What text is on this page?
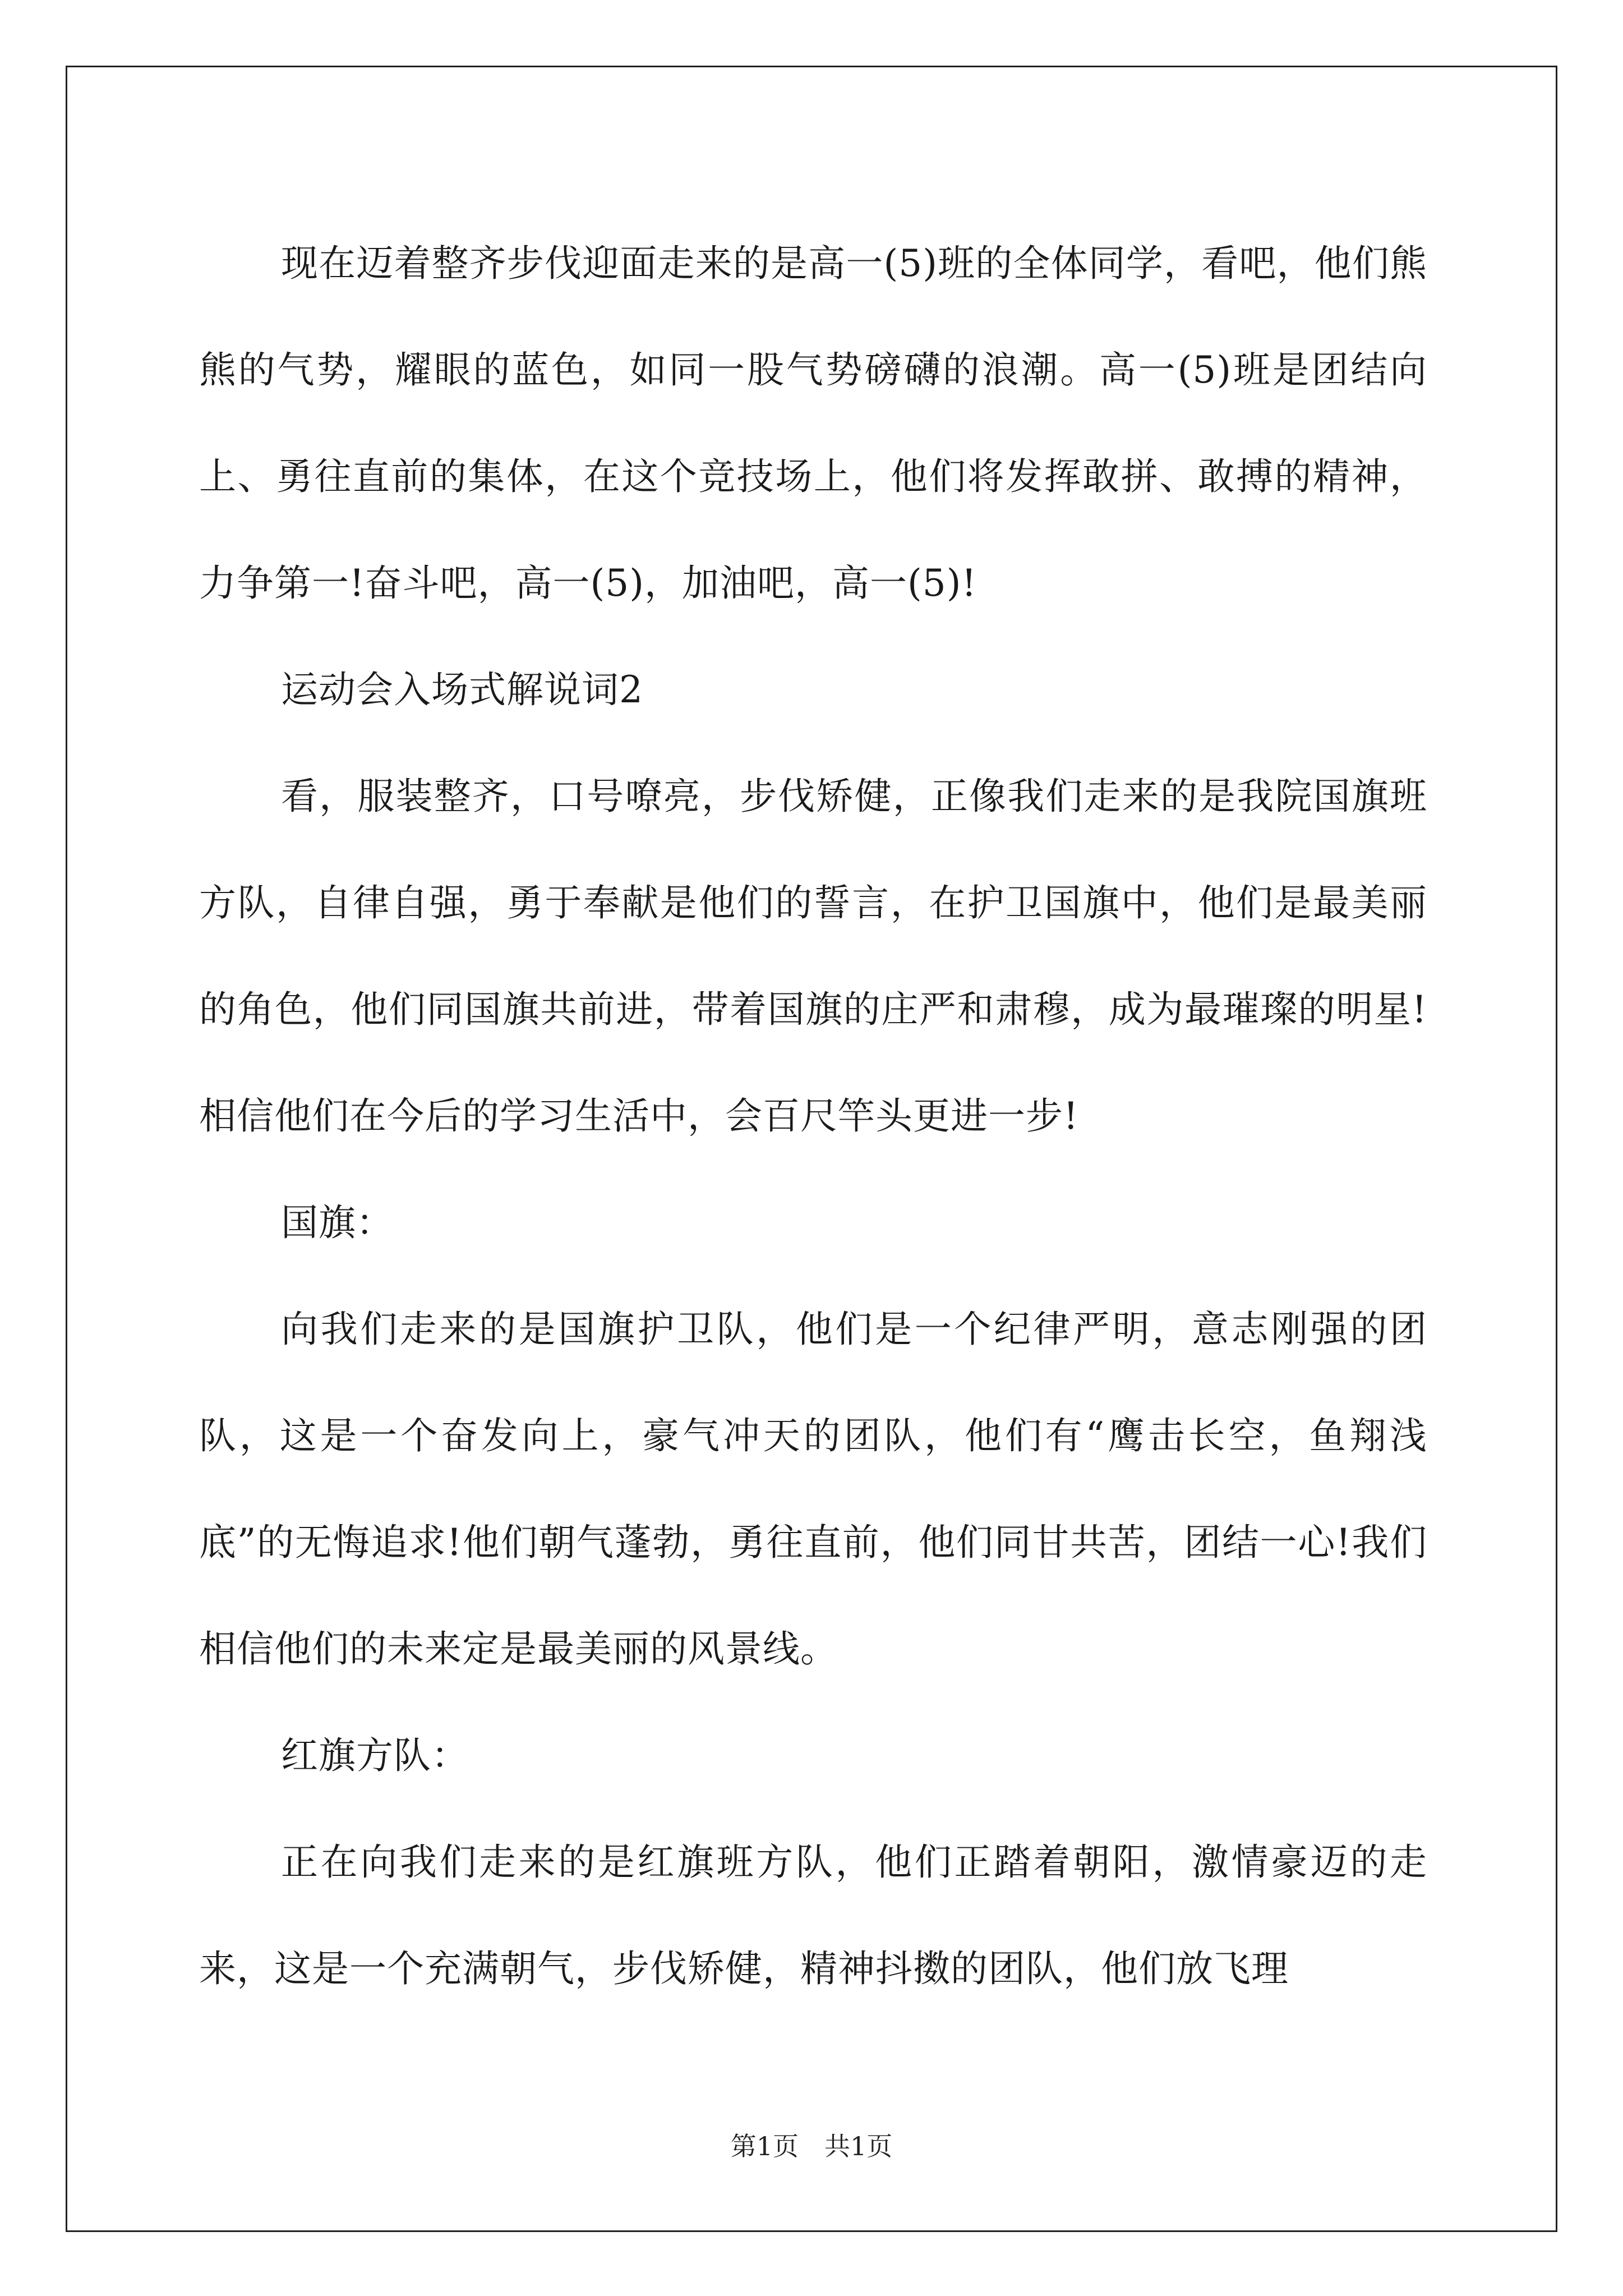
现在迈着整齐步伐迎面走来的是高一(5)班的全体同学，看吧，他们熊熊的气势，耀眼的蓝色，如同一股气势磅礴的浪潮。高一(5)班是团结向上、勇往直前的集体，在这个竞技场上，他们将发挥敢拼、敢搏的精神，力争第一!奋斗吧，高一(5)，加油吧，高一(5)!

运动会入场式解说词2

看，服装整齐，口号嘹亮，步伐矫健，正像我们走来的是我院国旗班方队，自律自强，勇于奉献是他们的誓言，在护卫国旗中，他们是最美丽的角色，他们同国旗共前进，带着国旗的庄严和肃穆，成为最璀璨的明星!相信他们在今后的学习生活中，会百尺竿头更进一步!

国旗：

向我们走来的是国旗护卫队，他们是一个纪律严明，意志刚强的团队，这是一个奋发向上，豪气冲天的团队，他们有“鹰击长空，鱼翔浅底”的无悔追求!他们朝气蓬勃，勇往直前，他们同甘共苦，团结一心!我们相信他们的未来定是最美丽的风景线。

红旗方队：

正在向我们走来的是红旗班方队，他们正踏着朝阳，激情豪迈的走来，这是一个充满朝气，步伐矫健，精神抖擞的团队，他们放飞理

第1页　共1页
